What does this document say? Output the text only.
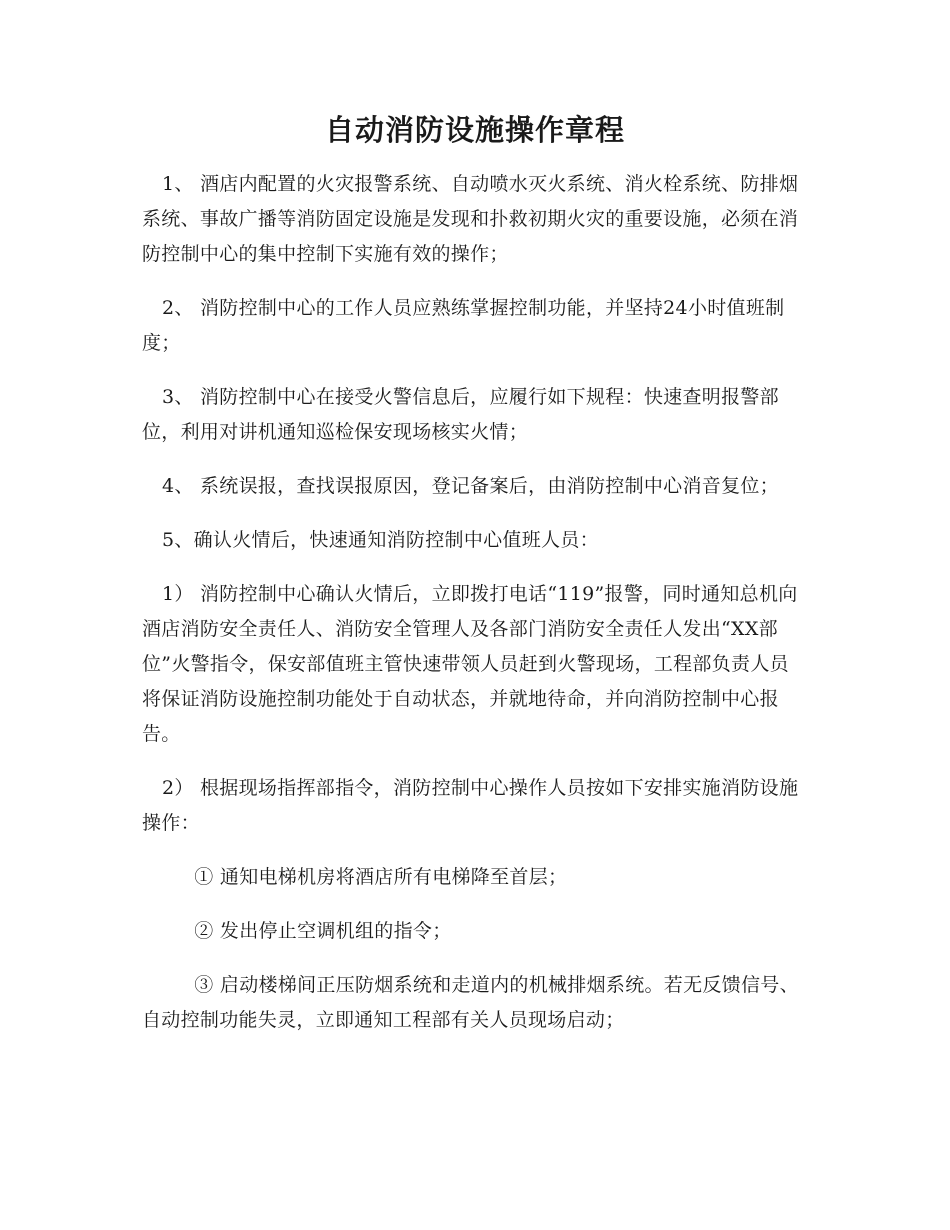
自动消防设施操作章程

1、 酒店内配置的火灾报警系统、自动喷水灭火系统、消火栓系统、防排烟系统、事故广播等消防固定设施是发现和扑救初期火灾的重要设施，必须在消防控制中心的集中控制下实施有效的操作；

2、 消防控制中心的工作人员应熟练掌握控制功能，并坚持24小时值班制度；

3、 消防控制中心在接受火警信息后，应履行如下规程：快速查明报警部位，利用对讲机通知巡检保安现场核实火情；

4、 系统误报，查找误报原因，登记备案后，由消防控制中心消音复位；

5、确认火情后，快速通知消防控制中心值班人员：

1） 消防控制中心确认火情后，立即拨打电话“119”报警，同时通知总机向酒店消防安全责任人、消防安全管理人及各部门消防安全责任人发出“XX部位”火警指令，保安部值班主管快速带领人员赶到火警现场，工程部负责人员将保证消防设施控制功能处于自动状态，并就地待命，并向消防控制中心报告。

2） 根据现场指挥部指令，消防控制中心操作人员按如下安排实施消防设施操作：

① 通知电梯机房将酒店所有电梯降至首层；

② 发出停止空调机组的指令；

③ 启动楼梯间正压防烟系统和走道内的机械排烟系统。若无反馈信号、自动控制功能失灵，立即通知工程部有关人员现场启动；
